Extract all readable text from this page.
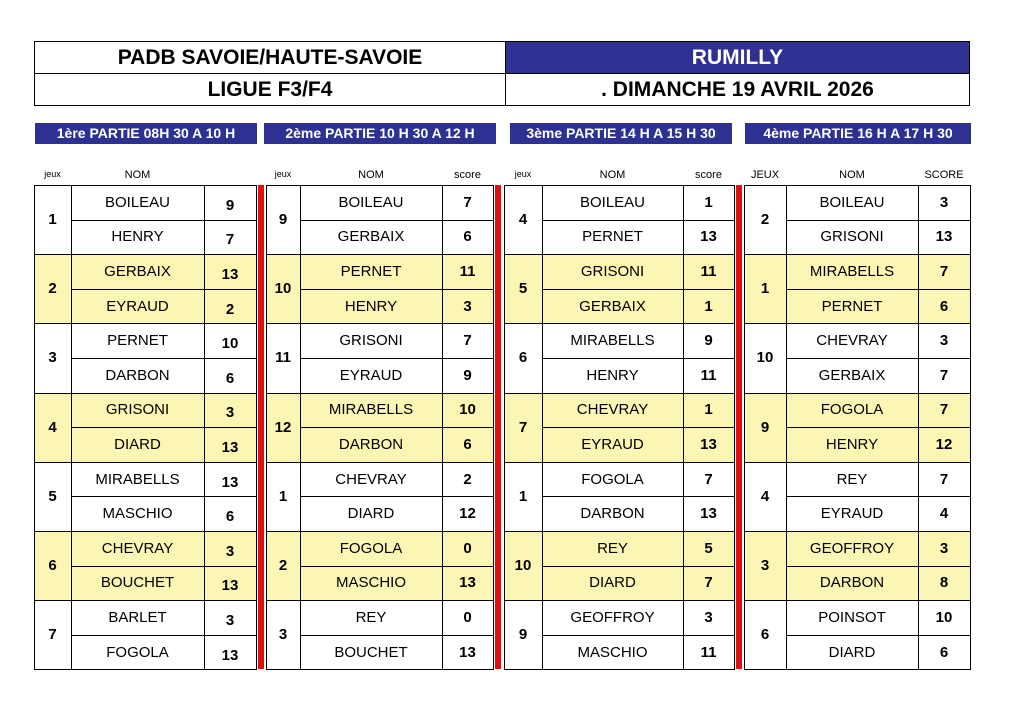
PADB SAVOIE/HAUTE-SAVOIE	RUMILLY
LIGUE F3/F4	. DIMANCHE 19 AVRIL 2026
1ère PARTIE 08H 30 A 10 H	2ème PARTIE 10 H 30 A 12 H	3ème PARTIE 14 H A 15 H 30	4ème PARTIE 16 H A 17 H 30
jeux	NOM	jeux	NOM	score	jeux	NOM	score	JEUX	NOM	SCORE
1
BOILEAU	9
HENRY	7
2
GERBAIX	13
EYRAUD	2
3
PERNET	10
DARBON	6
4
GRISONI	3
DIARD	13
5
MIRABELLS	13
MASCHIO	6
6
CHEVRAY	3
BOUCHET	13
7
BARLET	3
FOGOLA	13
9
BOILEAU	7
GERBAIX	6
10
PERNET	11
HENRY	3
11
GRISONI	7
EYRAUD	9
12
MIRABELLS	10
DARBON	6
1
CHEVRAY	2
DIARD	12
2
FOGOLA	0
MASCHIO	13
3
REY	0
BOUCHET	13
4
BOILEAU	1
PERNET	13
5
GRISONI	11
GERBAIX	1
6
MIRABELLS	9
HENRY	11
7
CHEVRAY	1
EYRAUD	13
1
FOGOLA	7
DARBON	13
10
REY	5
DIARD	7
9
GEOFFROY	3
MASCHIO	11
2
BOILEAU	3
GRISONI	13
1
MIRABELLS	7
PERNET	6
10
CHEVRAY	3
GERBAIX	7
9
FOGOLA	7
HENRY	12
4
REY	7
EYRAUD	4
3
GEOFFROY	3
DARBON	8
6
POINSOT	10
DIARD	6
